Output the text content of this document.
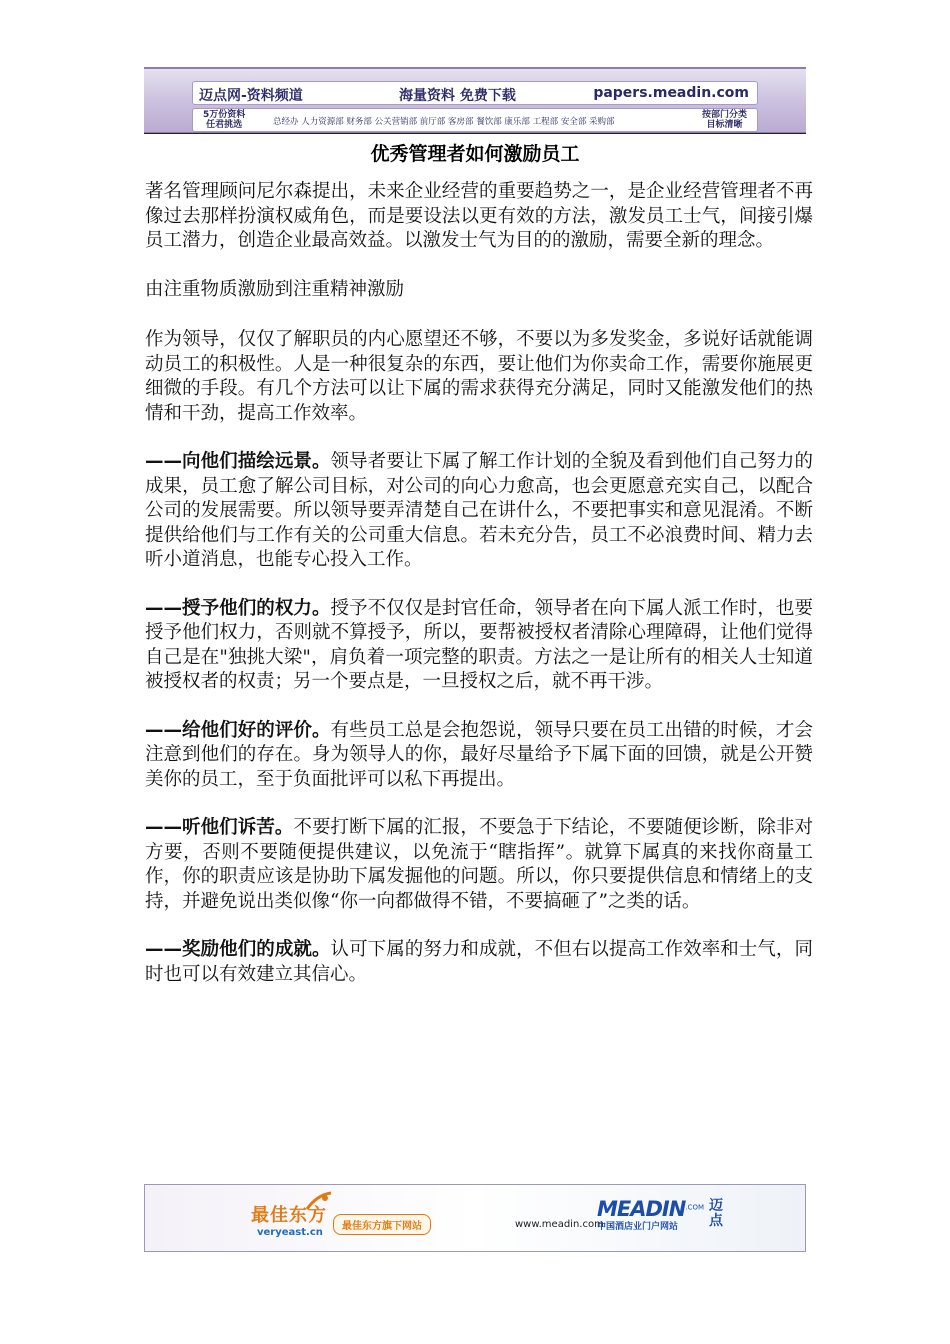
迈点网-资料频道	海量资料 免费下载	papers.meadin.com
5万份资料
任君挑选	总经办 人力资源部 财务部 公关营销部 前厅部 客房部 餐饮部 康乐部 工程部 安全部 采购部
按部门分类
目标清晰
优秀管理者如何激励员工

著名管理顾问尼尔森提出，未来企业经营的重要趋势之一，是企业经营管理者不再像过去那样扮演权威角色，而是要设法以更有效的方法，激发员工士气，间接引爆员工潜力，创造企业最高效益。以激发士气为目的的激励，需要全新的理念。

由注重物质激励到注重精神激励

作为领导，仅仅了解职员的内心愿望还不够，不要以为多发奖金，多说好话就能调动员工的积极性。人是一种很复杂的东西，要让他们为你卖命工作，需要你施展更细微的手段。有几个方法可以让下属的需求获得充分满足，同时又能激发他们的热情和干劲，提高工作效率。

——向他们描绘远景。领导者要让下属了解工作计划的全貌及看到他们自己努力的成果，员工愈了解公司目标，对公司的向心力愈高，也会更愿意充实自己，以配合公司的发展需要。所以领导要弄清楚自己在讲什么，不要把事实和意见混淆。不断提供给他们与工作有关的公司重大信息。若未充分告，员工不必浪费时间、精力去听小道消息，也能专心投入工作。

——授予他们的权力。授予不仅仅是封官任命，领导者在向下属人派工作时，也要授予他们权力，否则就不算授予，所以，要帮被授权者清除心理障碍，让他们觉得自己是在"独挑大梁"，肩负着一项完整的职责。方法之一是让所有的相关人士知道被授权者的权责；另一个要点是，一旦授权之后，就不再干涉。

——给他们好的评价。有些员工总是会抱怨说，领导只要在员工出错的时候，才会注意到他们的存在。身为领导人的你，最好尽量给予下属下面的回馈，就是公开赞美你的员工，至于负面批评可以私下再提出。

——听他们诉苦。不要打断下属的汇报，不要急于下结论，不要随便诊断，除非对方要，否则不要随便提供建议，以免流于“瞎指挥”。就算下属真的来找你商量工作，你的职责应该是协助下属发掘他的问题。所以，你只要提供信息和情绪上的支持，并避免说出类似像“你一向都做得不错，不要搞砸了”之类的话。

——奖励他们的成就。认可下属的努力和成就，不但右以提高工作效率和士气，同时也可以有效建立其信心。

最佳东方
veryeast.cn
最佳东方旗下网站	www.meadin.com
$MEADIN^{.COM}$
中国酒店业门户网站
迈点
